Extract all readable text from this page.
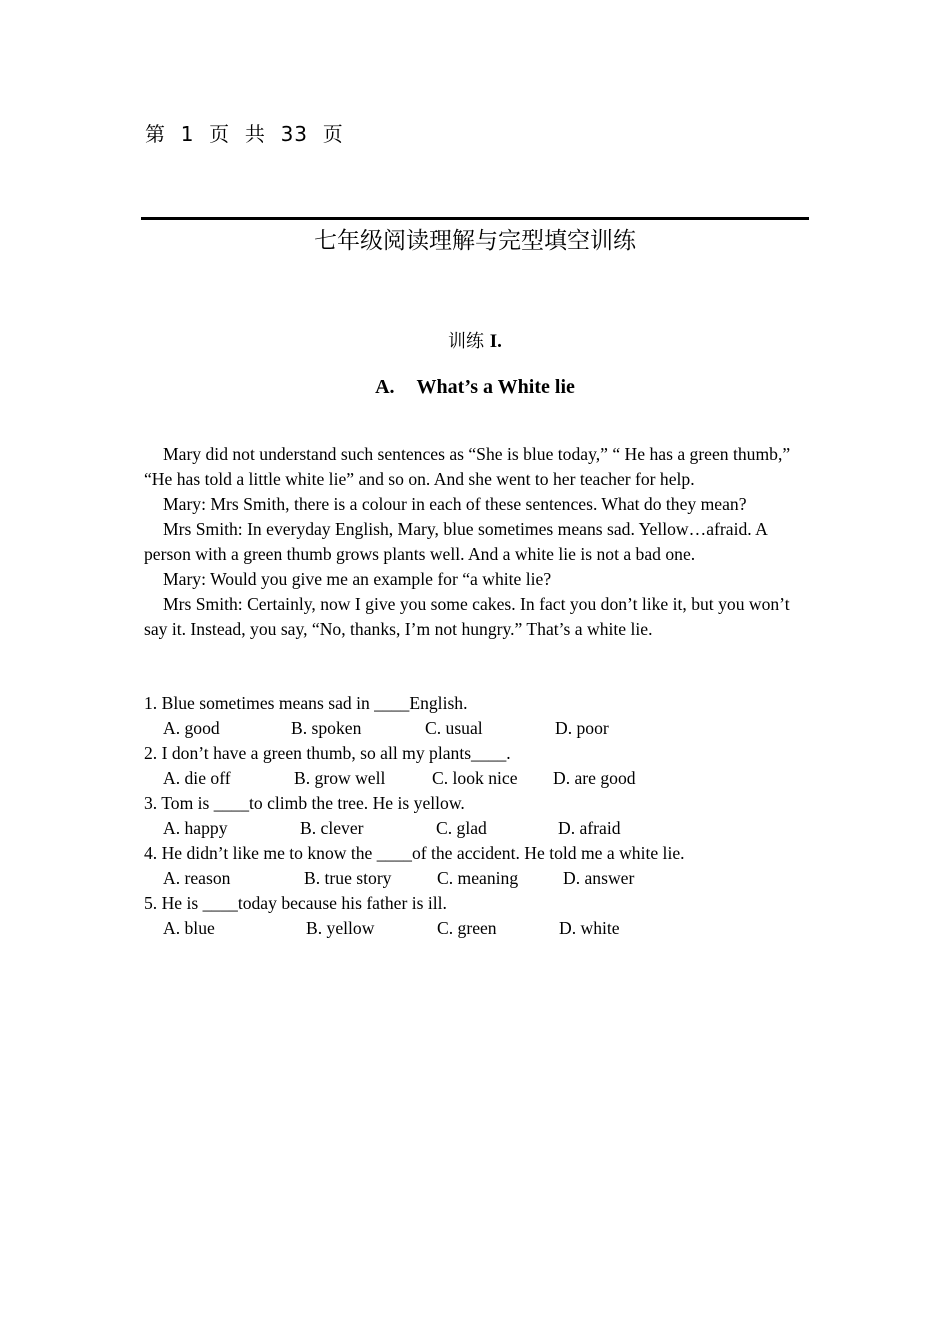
第  1  页  共  33  页
七年级阅读理解与完型填空训练
训练 I.
A. What’s a White lie

Mary did not understand such sentences as “She is blue today,” “ He has a green thumb,” “He has told a little white lie” and so on. And she went to her teacher for help.

Mary: Mrs Smith, there is a colour in each of these sentences. What do they mean?

Mrs Smith: In everyday English, Mary, blue sometimes means sad. Yellow…afraid. A person with a green thumb grows plants well. And a white lie is not a bad one.

Mary: Would you give me an example for “a white lie?

Mrs Smith: Certainly, now I give you some cakes. In fact you don’t like it, but you won’t say it. Instead, you say, “No, thanks, I’m not hungry.” That’s a white lie.

1. Blue sometimes means sad in ____English.

A. good	B. spoken	C. usual	D. poor

2. I don’t have a green thumb, so all my plants____.

A. die off	B. grow well	C. look nice D. are good

3. Tom is ____to climb the tree. He is yellow.

A. happy	B. clever	C. glad	D. afraid

4. He didn’t like me to know the ____of the accident. He told me a white lie.

A. reason	B. true story	C. meaning	D. answer

5. He is ____today because his father is ill.

A. blue	B. yellow	C. green	D. white
